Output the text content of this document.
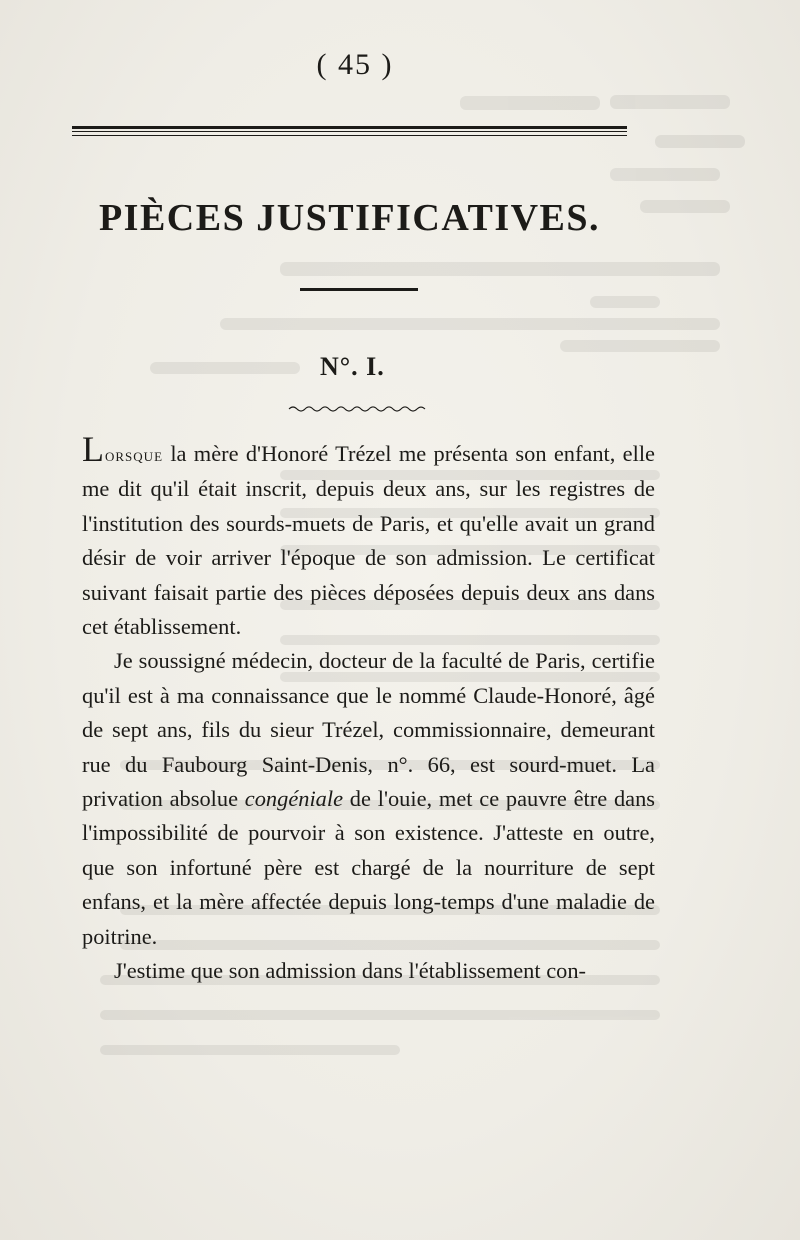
( 45 )
PIÈCES JUSTIFICATIVES.
N°. I.

Lorsque la mère d'Honoré Trézel me présenta son enfant, elle me dit qu'il était inscrit, depuis deux ans, sur les registres de l'institution des sourds-muets de Paris, et qu'elle avait un grand désir de voir arriver l'époque de son admission. Le certificat suivant faisait partie des pièces déposées depuis deux ans dans cet établissement.

Je soussigné médecin, docteur de la faculté de Paris, certifie qu'il est à ma connaissance que le nommé Claude-Honoré, âgé de sept ans, fils du sieur Trézel, commissionnaire, demeurant rue du Faubourg Saint-Denis, n°. 66, est sourd-muet. La privation absolue congéniale de l'ouie, met ce pauvre être dans l'impossibilité de pourvoir à son existence. J'atteste en outre, que son infortuné père est chargé de la nourriture de sept enfans, et la mère affectée depuis long-temps d'une maladie de poitrine.

J'estime que son admission dans l'établissement con-
